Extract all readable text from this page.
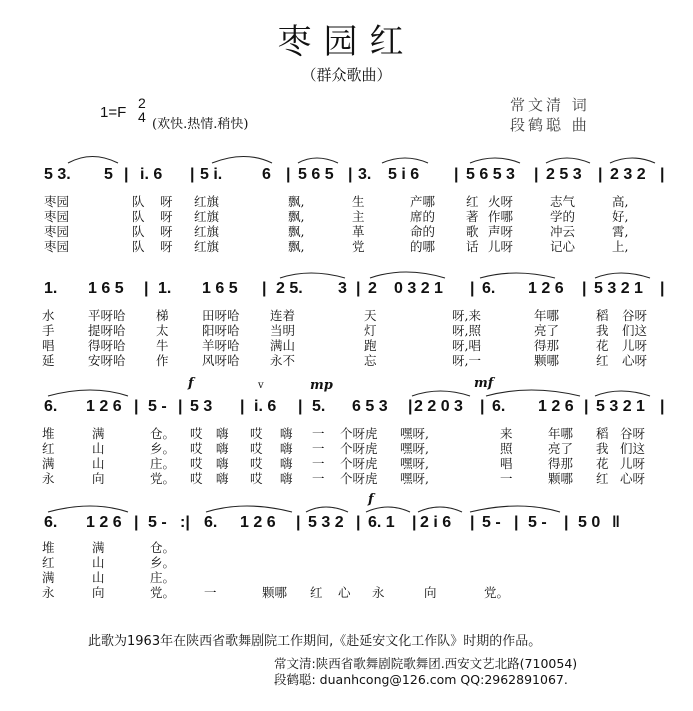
枣园红
（群众歌曲）
常文清 词
段鹤聪 曲
1=F
2
4 (欢快.热情.稍快)
f	v	mp	mf
f
5 3. 5 | i. 6 | 5 i. 6 | 5 6 5 | 3. 5 i 6 | 5 6 5 3 | 2 5 3 | 2 3 2 |
枣园	队 呀 红旗	飘,	生	产哪 红 火呀	志气	高,
枣园	队 呀 红旗	飘,	主	席的 著 作哪	学的	好,
枣园	队 呀 红旗	飘,	革	命的 歌 声呀	冲云	霄,
枣园	队 呀 红旗	飘,	党	的哪 话 儿呀	记心	上,
1. 1 6 5 | 1. 1 6 5 | 2 5. 3 | 2 0 3 2 1 | 6. 1 2 6 | 5 3 2 1 |
水	平呀哈 梯	田呀哈 连着	天	呀,来	年哪	稻 谷呀
手	提呀哈 太	阳呀哈 当明	灯	呀,照	亮了	我 们这
唱	得呀哈 牛	羊呀哈 满山	跑	呀,唱	得那	花 儿呀
延	安呀哈 作	风呀哈 永不	忘	呀,一	颗哪	红 心呀
6. 1 2 6 | 5 - | 5 3 | i. 6 | 5. 6 5 3 | 2 2 0 3 | 6. 1 2 6 | 5 3 2 1 |
堆	满	仓。 哎 嗨 哎 嗨 一 个呀虎 嘿呀,	来	年哪 稻 谷呀
红	山	乡。 哎 嗨 哎 嗨 一 个呀虎 嘿呀,	照	亮了 我 们这
满	山	庄。 哎 嗨 哎 嗨 一 个呀虎 嘿呀,	唱	得那 花 儿呀
永	向	党。 哎 嗨 哎 嗨 一 个呀虎 嘿呀,	一	颗哪 红 心呀
6. 1 2 6 | 5 - :| 6. 1 2 6 | 5 3 2 | 6. 1 | 2 i 6 | 5 - | 5 - | 5 0 ‖
堆	满	仓。
红	山	乡。
满	山	庄。
永	向	党。 一	颗哪 红 心 永	向	党。
此歌为1963年在陕西省歌舞剧院工作期间,《赴延安文化工作队》时期的作品。
常文清:陕西省歌舞剧院歌舞团.西安文艺北路(710054)
段鹤聪: duanhcong@126.com QQ:2962891067.
